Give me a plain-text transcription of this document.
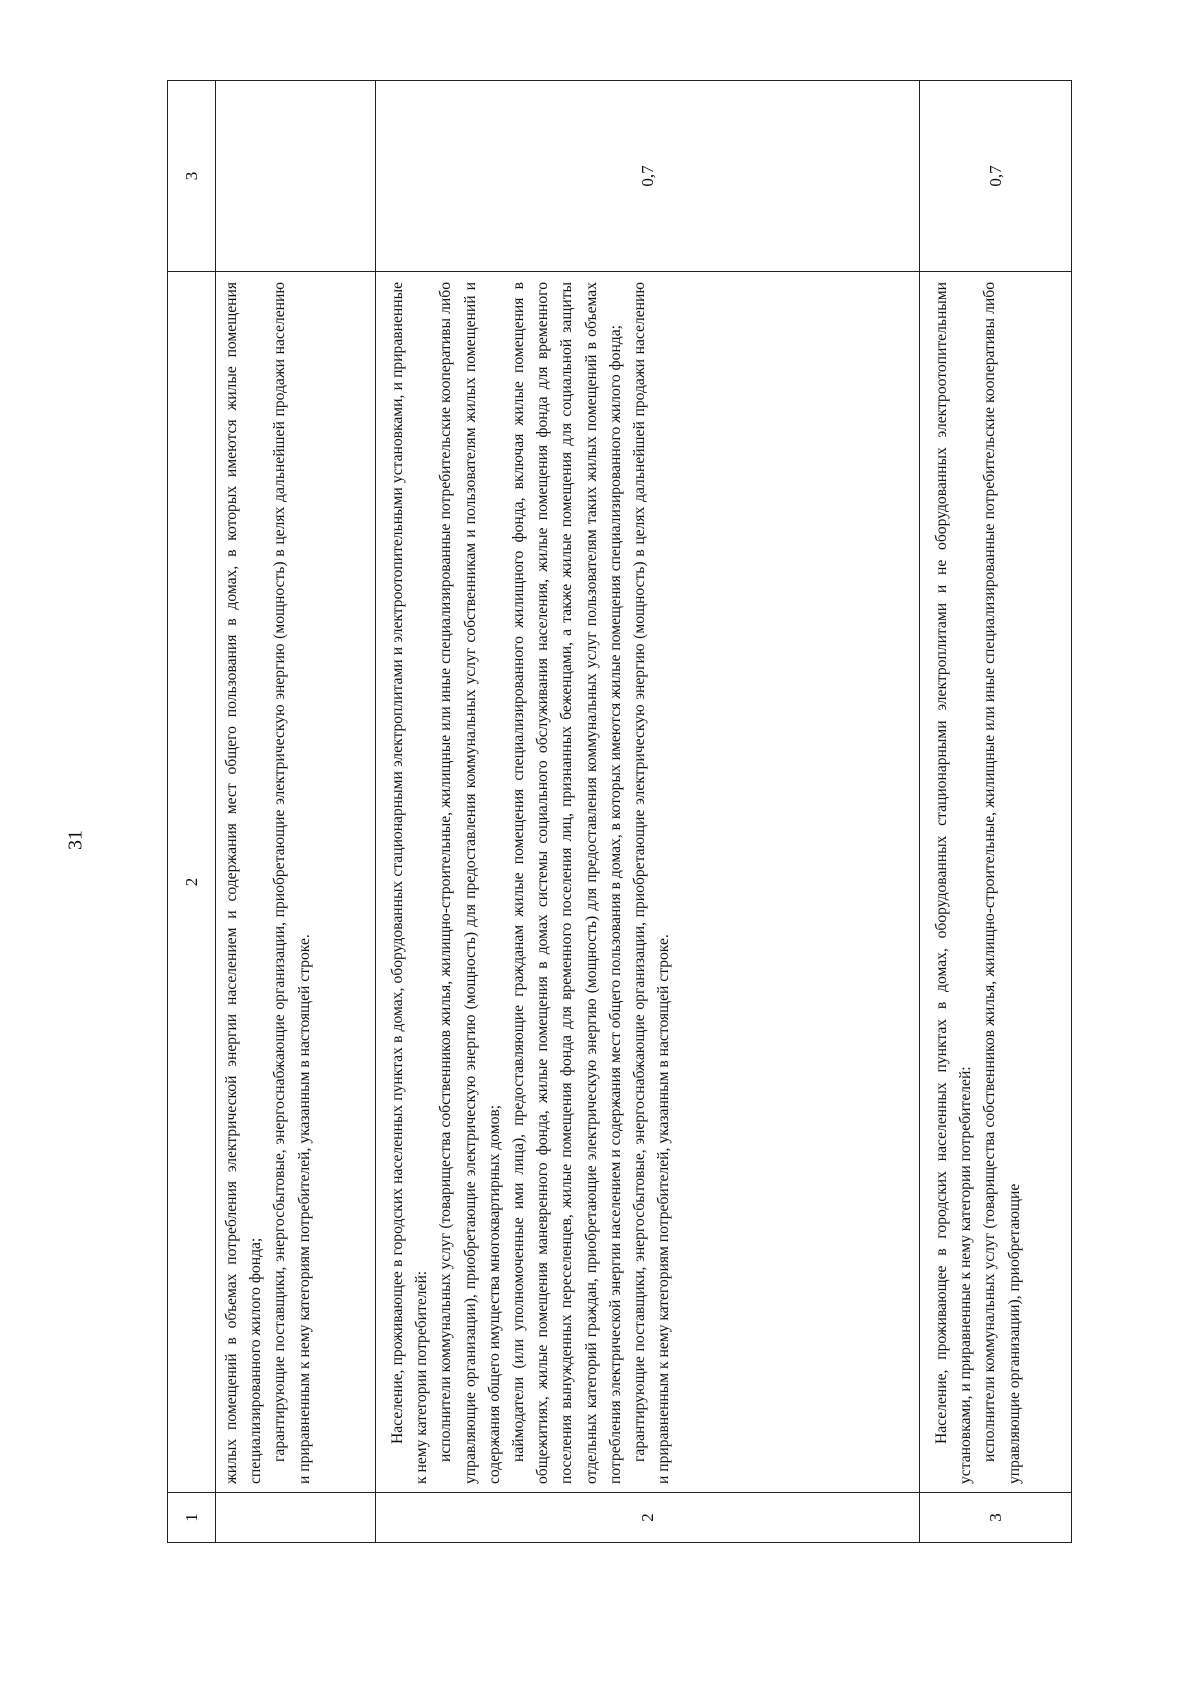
31
1
2
3

жилых помещений в объемах потребления электрической энергии населением и содержания мест общего пользования в домах, в которых имеются жилые помещения специализированного жилого фонда; гарантирующие поставщики, энергосбытовые, энергоснабжающие организации, приобретающие электрическую энергию (мощность) в целях дальнейшей продажи населению и приравненным к нему категориям потребителей, указанным в настоящей строке.

2

Население, проживающее в городских населенных пунктах в домах, оборудованных стационарными электроплитами и электроотопительными установками, и приравненные к нему категории потребителей: исполнители коммунальных услуг (товарищества собственников жилья, жилищно-строительные, жилищные или иные специализированные потребительские кооперативы либо управляющие организации), приобретающие электрическую энергию (мощность) для предоставления коммунальных услуг собственникам и пользователям жилых помещений и содержания общего имущества многоквартирных домов; наймодатели (или уполномоченные ими лица), предоставляющие гражданам жилые помещения специализированного жилищного фонда, включая жилые помещения в общежитиях, жилые помещения маневренного фонда, жилые помещения в домах системы социального обслуживания населения, жилые помещения фонда для временного поселения вынужденных переселенцев, жилые помещения фонда для временного поселения лиц, признанных беженцами, а также жилые помещения для социальной защиты отдельных категорий граждан, приобретающие электрическую энергию (мощность) для предоставления коммунальных услуг пользователям таких жилых помещений в объемах потребления электрической энергии населением и содержания мест общего пользования в домах, в которых имеются жилые помещения специализированного жилого фонда; гарантирующие поставщики, энергосбытовые, энергоснабжающие организации, приобретающие электрическую энергию (мощность) в целях дальнейшей продажи населению и приравненным к нему категориям потребителей, указанным в настоящей строке.

0,7
3

Население, проживающее в городских населенных пунктах в домах, оборудованных стационарными электроплитами и не оборудованных электроотопительными установками, и приравненные к нему категории потребителей: исполнители коммунальных услуг (товарищества собственников жилья, жилищно-строительные, жилищные или иные специализированные потребительские кооперативы либо управляющие организации), приобретающие

0,7
